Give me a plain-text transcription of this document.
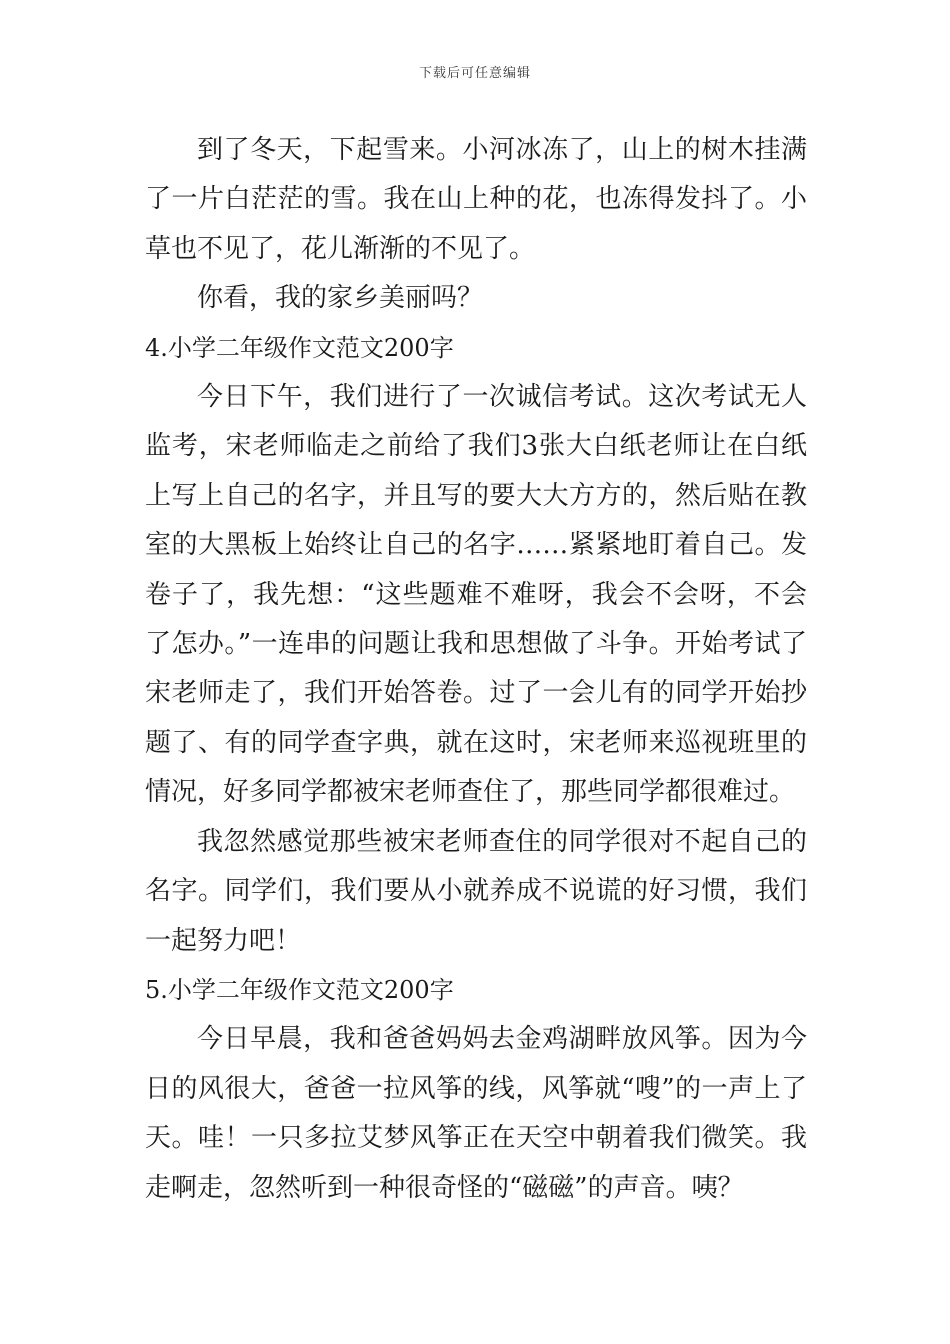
下载后可任意编辑

到了冬天，下起雪来。小河冰冻了，山上的树木挂满了一片白茫茫的雪。我在山上种的花，也冻得发抖了。小草也不见了，花儿渐渐的不见了。

你看，我的家乡美丽吗？

4.小学二年级作文范文200字

今日下午，我们进行了一次诚信考试。这次考试无人监考，宋老师临走之前给了我们3张大白纸老师让在白纸上写上自己的名字，并且写的要大大方方的，然后贴在教室的大黑板上始终让自己的名字……紧紧地盯着自己。发卷子了，我先想：“这些题难不难呀，我会不会呀，不会了怎办。”一连串的问题让我和思想做了斗争。开始考试了宋老师走了，我们开始答卷。过了一会儿有的同学开始抄题了、有的同学查字典，就在这时，宋老师来巡视班里的情况，好多同学都被宋老师查住了，那些同学都很难过。

我忽然感觉那些被宋老师查住的同学很对不起自己的名字。同学们，我们要从小就养成不说谎的好习惯，我们一起努力吧！

5.小学二年级作文范文200字

今日早晨，我和爸爸妈妈去金鸡湖畔放风筝。因为今日的风很大，爸爸一拉风筝的线，风筝就“嗖”的一声上了天。哇！一只多拉艾梦风筝正在天空中朝着我们微笑。我走啊走，忽然听到一种很奇怪的“磁磁”的声音。咦？
